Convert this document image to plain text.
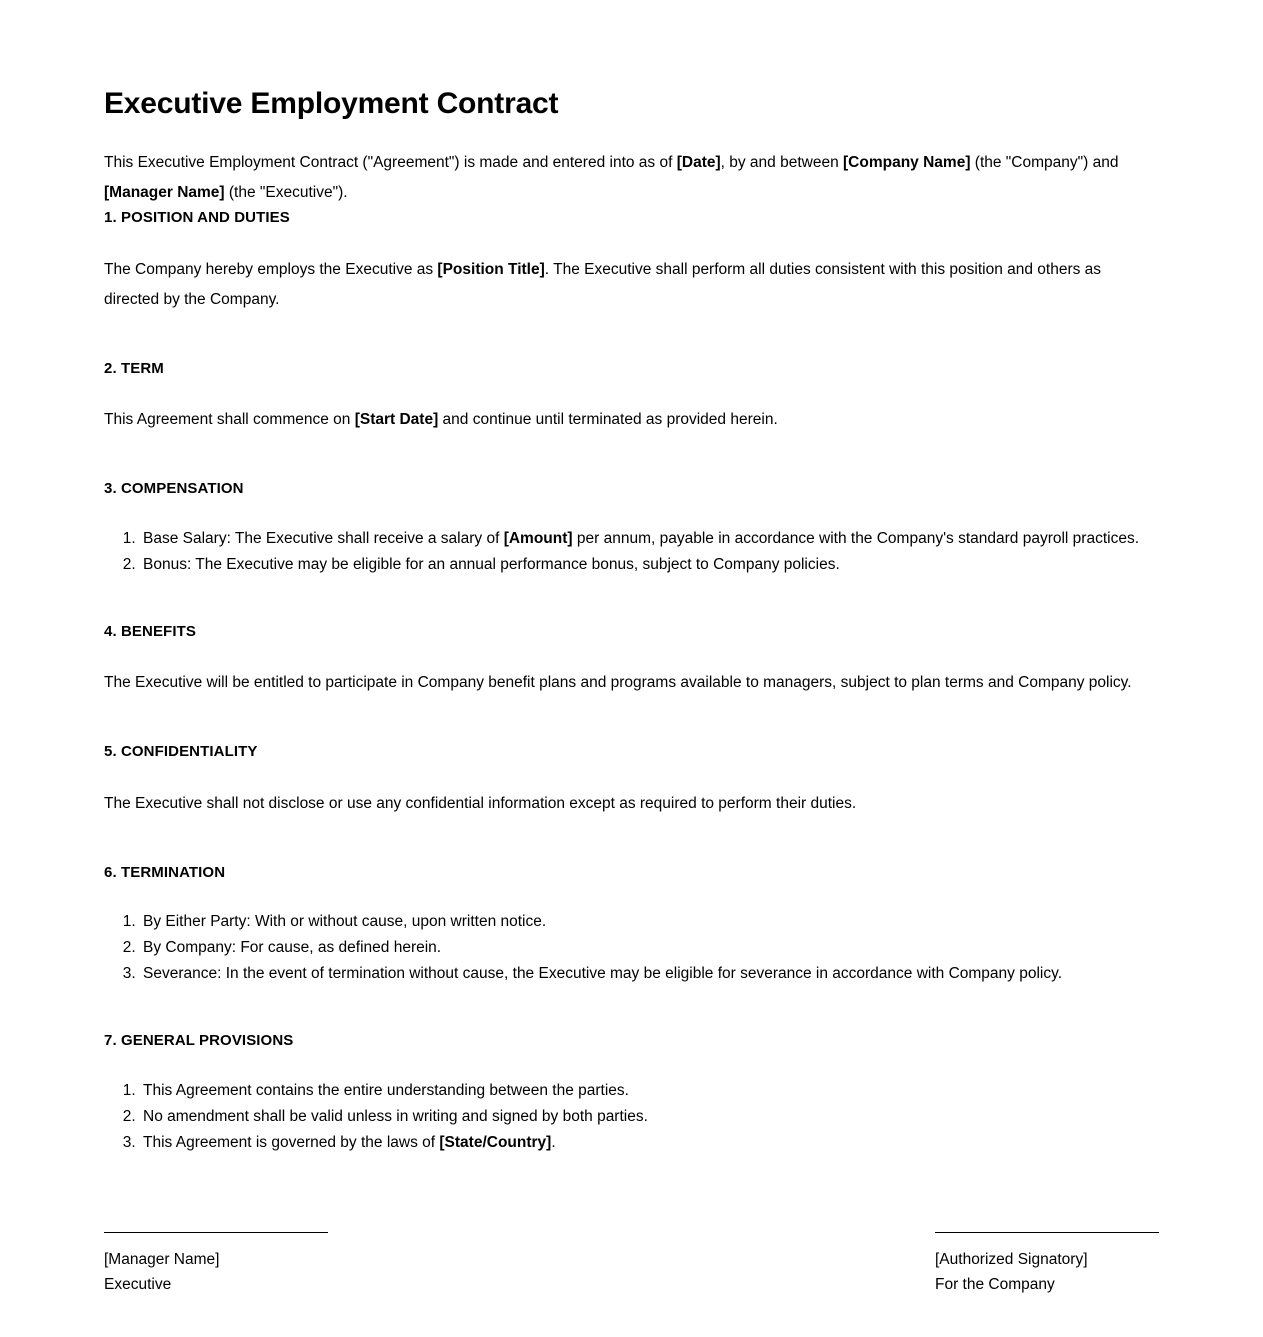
Executive Employment Contract

This Executive Employment Contract ("Agreement") is made and entered into as of [Date], by and between [Company Name] (the "Company") and [Manager Name] (the "Executive").

1. POSITION AND DUTIES

The Company hereby employs the Executive as [Position Title]. The Executive shall perform all duties consistent with this position and others as directed by the Company.

2. TERM

This Agreement shall commence on [Start Date] and continue until terminated as provided herein.

3. COMPENSATION
1. Base Salary: The Executive shall receive a salary of [Amount] per annum, payable in accordance with the Company's standard payroll practices.
2. Bonus: The Executive may be eligible for an annual performance bonus, subject to Company policies.
4. BENEFITS

The Executive will be entitled to participate in Company benefit plans and programs available to managers, subject to plan terms and Company policy.

5. CONFIDENTIALITY

The Executive shall not disclose or use any confidential information except as required to perform their duties.

6. TERMINATION
1. By Either Party: With or without cause, upon written notice.
2. By Company: For cause, as defined herein.
3. Severance: In the event of termination without cause, the Executive may be eligible for severance in accordance with Company policy.
7. GENERAL PROVISIONS
1. This Agreement contains the entire understanding between the parties.
2. No amendment shall be valid unless in writing and signed by both parties.
3. This Agreement is governed by the laws of [State/Country].
[Manager Name]
Executive
[Authorized Signatory]
For the Company
